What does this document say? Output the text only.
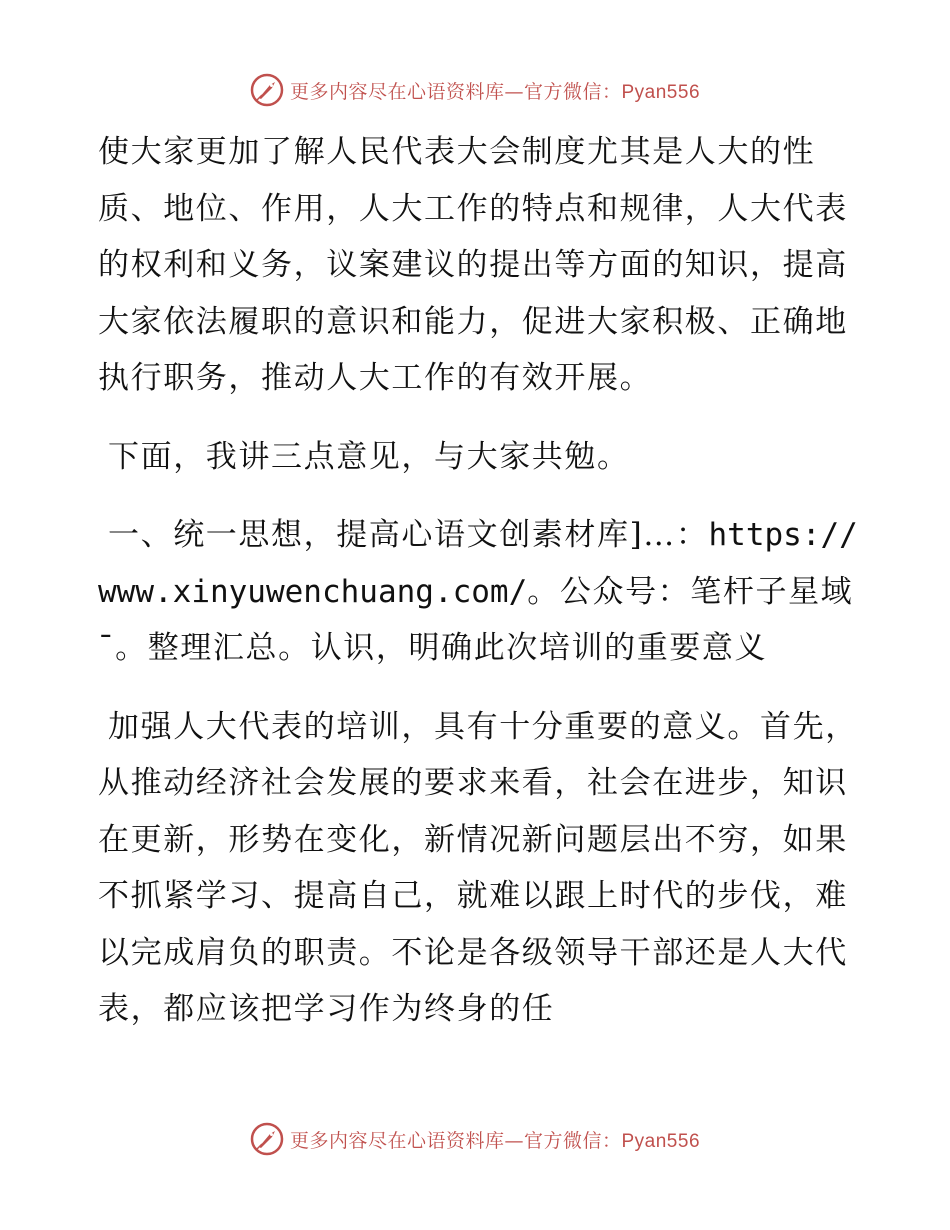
更多内容尽在心语资料库—官方微信：Pyan556

使大家更加了解人民代表大会制度尤其是人大的性质、地位、作用，人大工作的特点和规律，人大代表的权利和义务，议案建议的提出等方面的知识，提高大家依法履职的意识和能力，促进大家积极、正确地执行职务，推动人大工作的有效开展。

下面，我讲三点意见，与大家共勉。

一、统一思想，提高心语文创素材库]…：https://www.xinyuwenchuang.com/。公众号：笔杆子星域¯。整理汇总。认识，明确此次培训的重要意义

加强人大代表的培训，具有十分重要的意义。首先，从推动经济社会发展的要求来看，社会在进步，知识在更新，形势在变化，新情况新问题层出不穷，如果不抓紧学习、提高自己，就难以跟上时代的步伐，难以完成肩负的职责。不论是各级领导干部还是人大代表，都应该把学习作为终身的任

更多内容尽在心语资料库—官方微信：Pyan556
